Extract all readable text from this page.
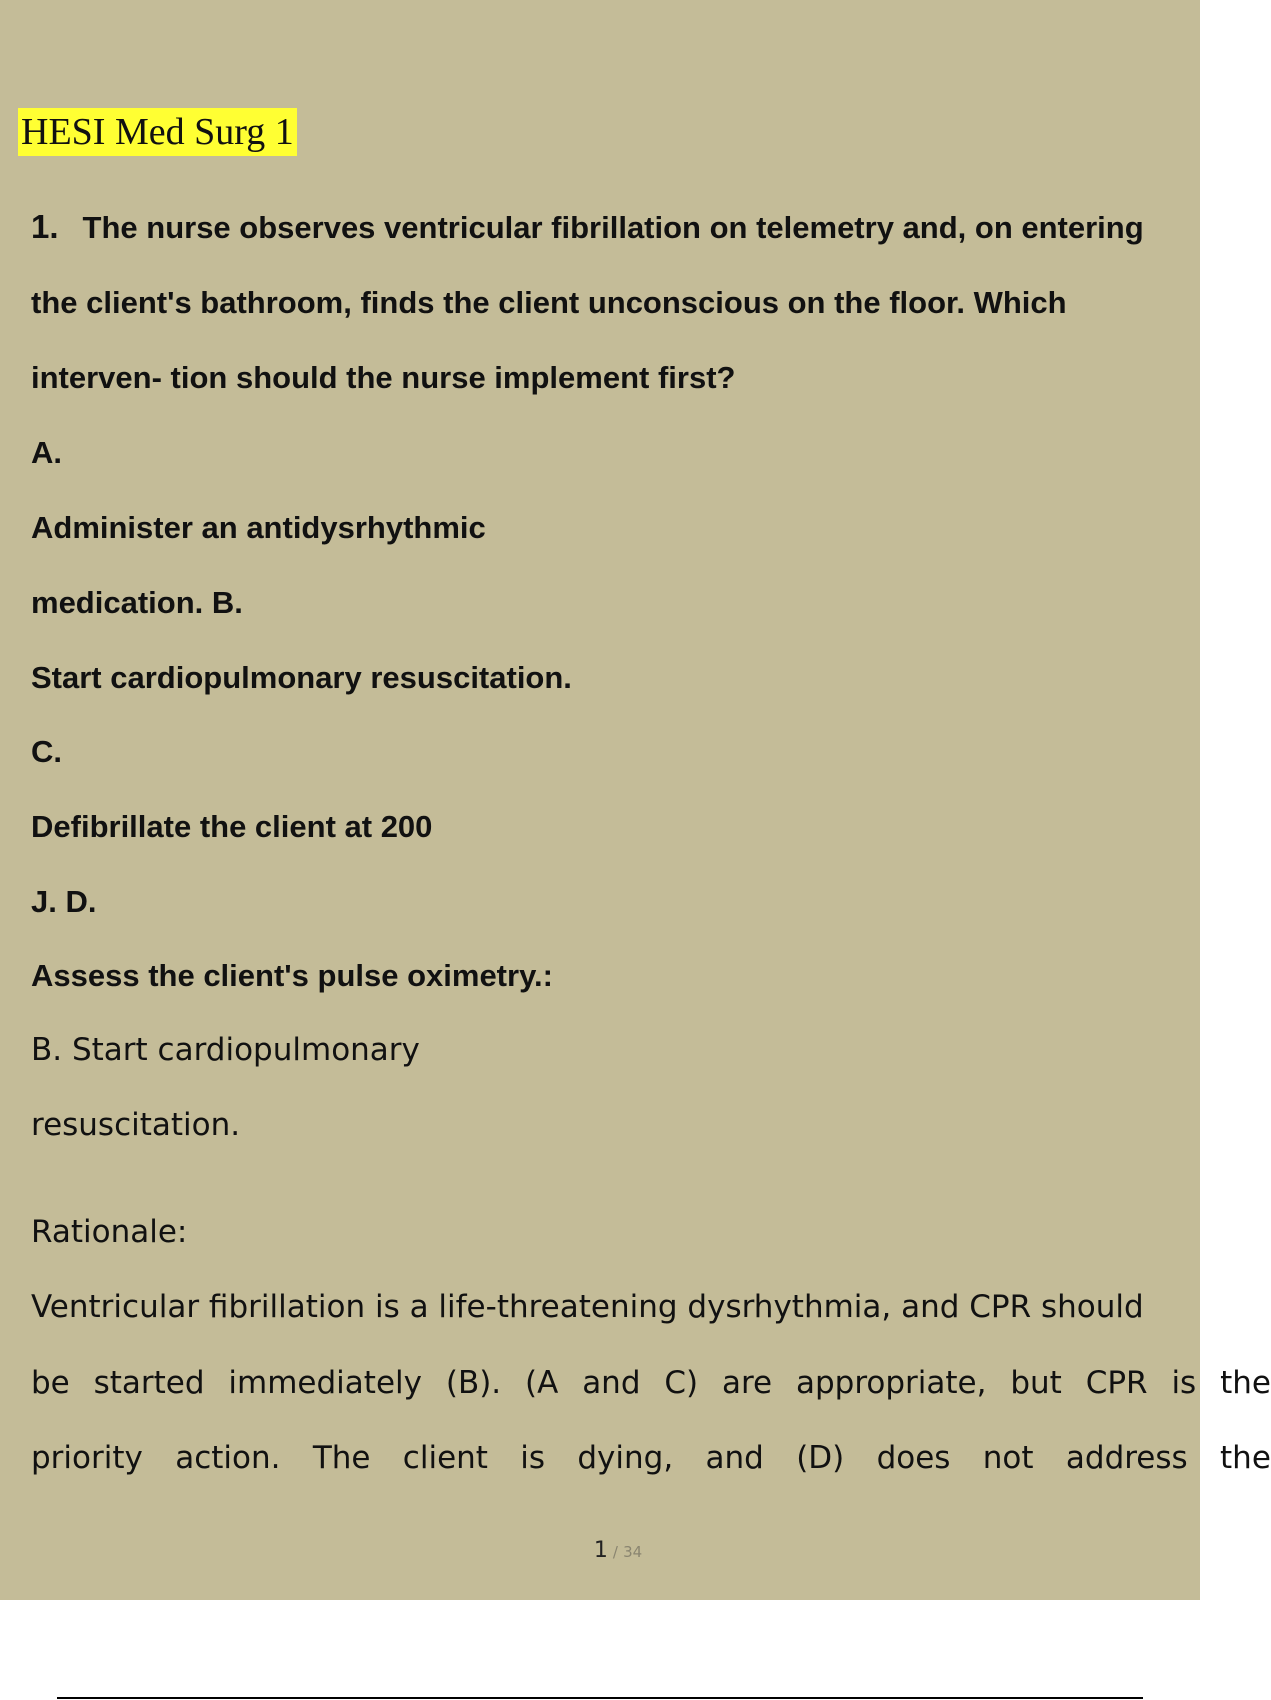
HESI Med Surg 1
1. The nurse observes ventricular fibrillation on telemetry and, on entering
the client's bathroom, finds the client unconscious on the floor. Which
interven- tion should the nurse implement first?
A.
Administer an antidysrhythmic
medication. B.
Start cardiopulmonary resuscitation.
C.
Defibrillate the client at 200
J. D.
Assess the client's pulse oximetry.:
B. Start cardiopulmonary
resuscitation.
Rationale:
Ventricular fibrillation is a life-threatening dysrhythmia, and CPR should
be started immediately (B). (A and C) are appropriate, but CPR is the
priority action. The client is dying, and (D) does not address the
1 / 34
